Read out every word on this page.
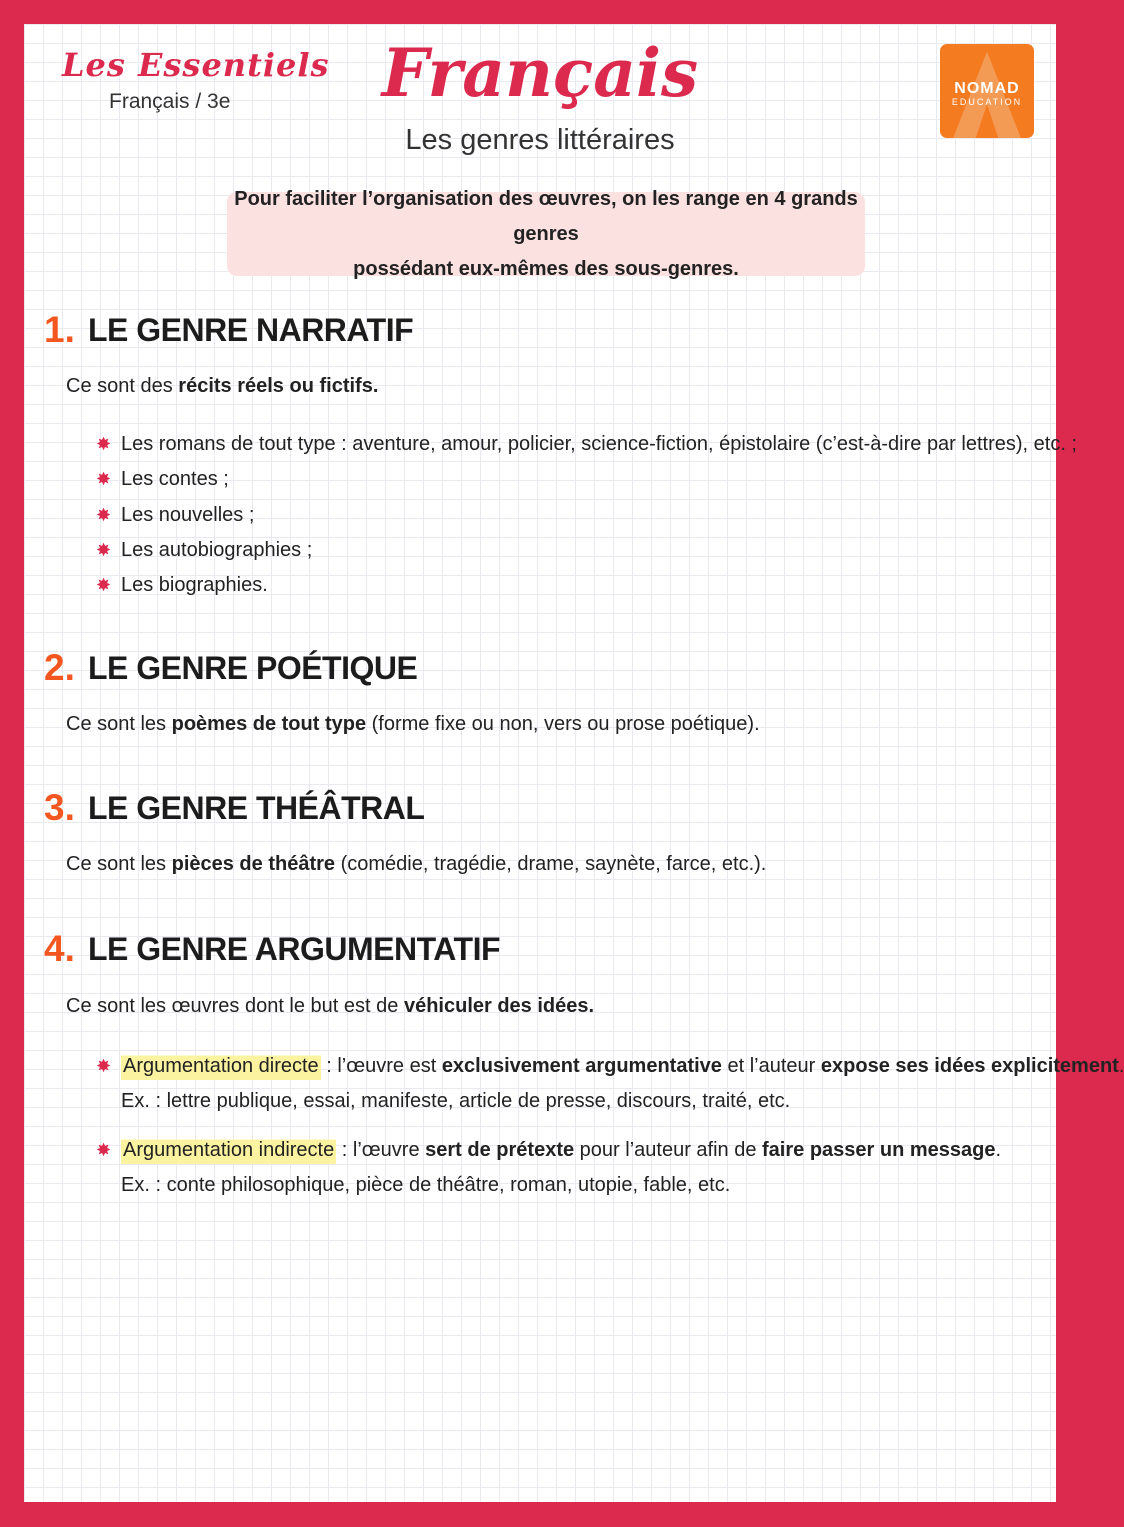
Les Essentiels
Français / 3e	Français
Les genres littéraires
NOMAD
EDUCATION
Pour faciliter l’organisation des œuvres, on les range en 4 grands genres
possédant eux-mêmes des sous-genres.
1. LE GENRE NARRATIF
Ce sont des récits réels ou fictifs.
✸ Les romans de tout type : aventure, amour, policier, science-fiction, épistolaire (c’est-à-dire par lettres), etc. ;
✸ Les contes ;
✸ Les nouvelles ;
✸ Les autobiographies ;
✸ Les biographies.
2. LE GENRE POÉTIQUE
Ce sont les poèmes de tout type (forme fixe ou non, vers ou prose poétique).
3. LE GENRE THÉÂTRAL
Ce sont les pièces de théâtre (comédie, tragédie, drame, saynète, farce, etc.).
4. LE GENRE ARGUMENTATIF
Ce sont les œuvres dont le but est de véhiculer des idées.
✸ Argumentation directe : l’œuvre est exclusivement argumentative et l’auteur expose ses idées explicitement .
Ex. : lettre publique, essai, manifeste, article de presse, discours, traité, etc.
✸ Argumentation indirecte : l’œuvre sert de prétexte pour l’auteur afin de faire passer un message .
Ex. : conte philosophique, pièce de théâtre, roman, utopie, fable, etc.
